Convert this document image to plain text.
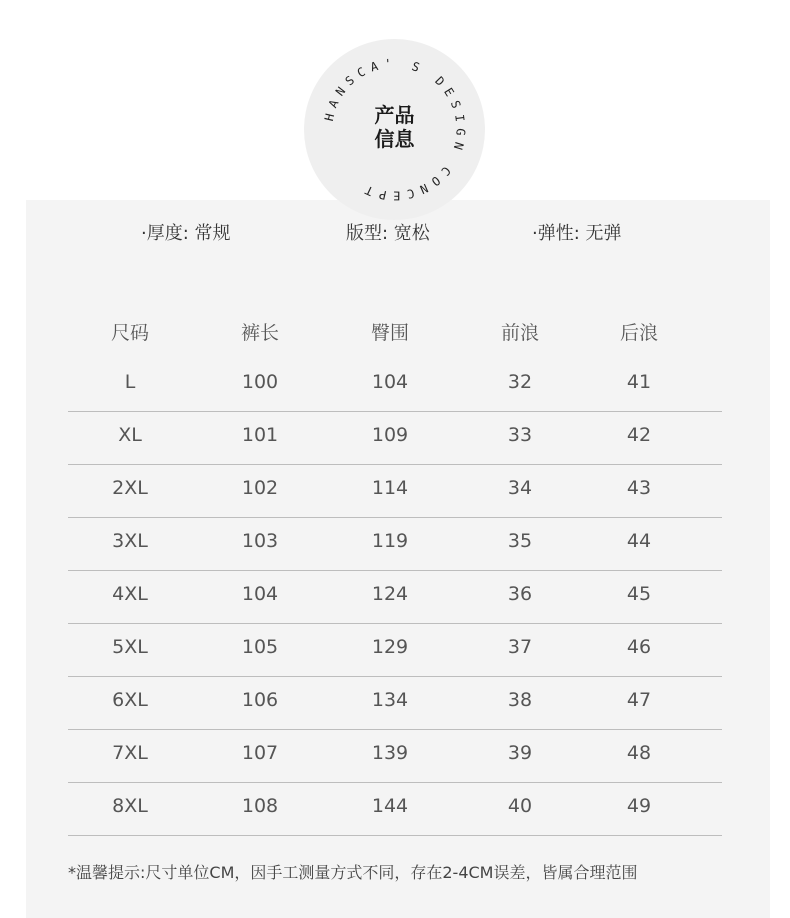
HANSCA' S DESIGN CONCEPT
产品
信息
·厚度: 常规	版型: 宽松	·弹性: 无弹
尺码	裤长	臀围	前浪	后浪
L	100	104	32	41
XL	101	109	33	42
2XL	102	114	34	43
3XL	103	119	35	44
4XL	104	124	36	45
5XL	105	129	37	46
6XL	106	134	38	47
7XL	107	139	39	48
8XL	108	144	40	49
*温馨提示:尺寸单位CM，因手工测量方式不同，存在2-4CM误差，皆属合理范围
